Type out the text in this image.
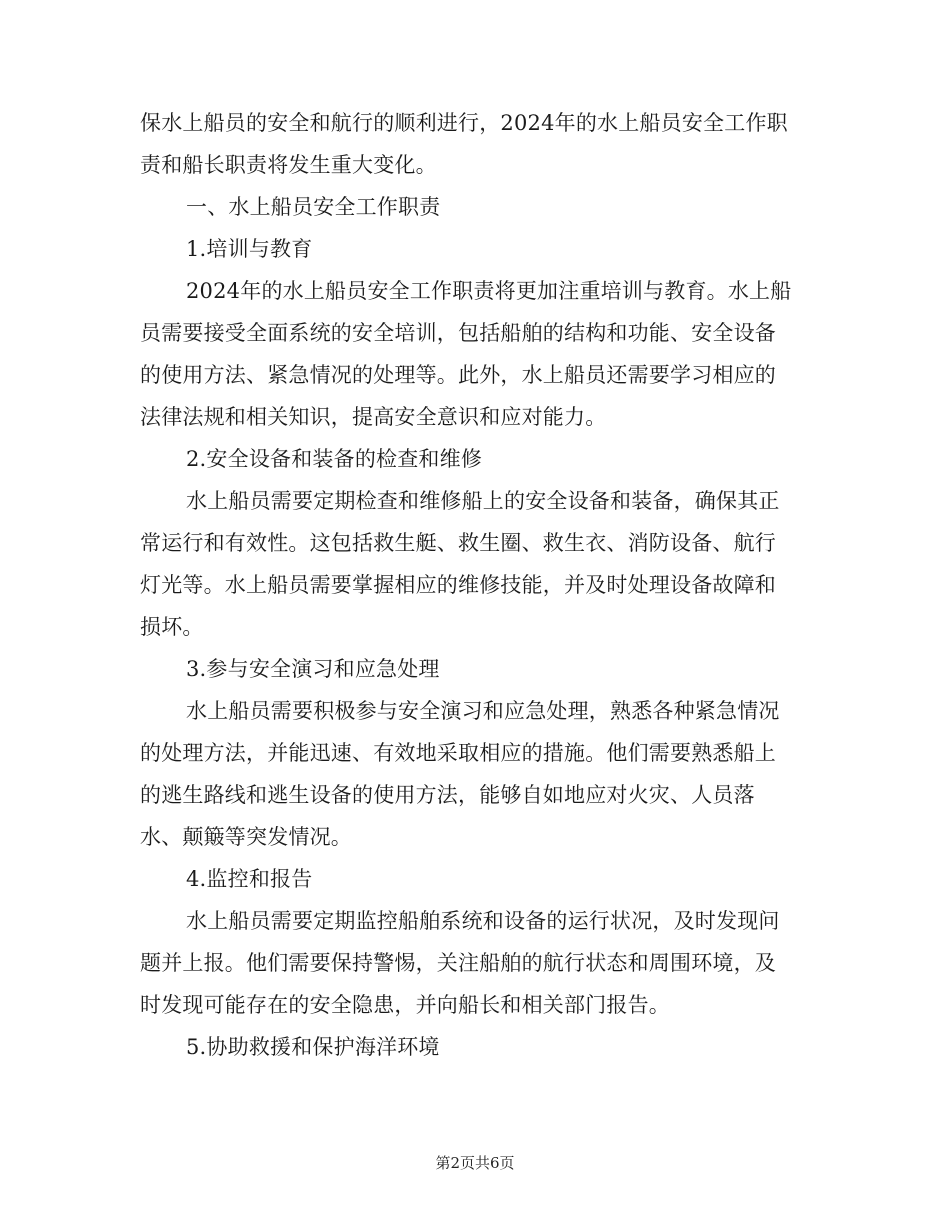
保水上船员的安全和航行的顺利进行，2024年的水上船员安全工作职
责和船长职责将发生重大变化。
一、水上船员安全工作职责
1.培训与教育
2024年的水上船员安全工作职责将更加注重培训与教育。水上船
员需要接受全面系统的安全培训，包括船舶的结构和功能、安全设备
的使用方法、紧急情况的处理等。此外，水上船员还需要学习相应的
法律法规和相关知识，提高安全意识和应对能力。
2.安全设备和装备的检查和维修
水上船员需要定期检查和维修船上的安全设备和装备，确保其正
常运行和有效性。这包括救生艇、救生圈、救生衣、消防设备、航行
灯光等。水上船员需要掌握相应的维修技能，并及时处理设备故障和
损坏。
3.参与安全演习和应急处理
水上船员需要积极参与安全演习和应急处理，熟悉各种紧急情况
的处理方法，并能迅速、有效地采取相应的措施。他们需要熟悉船上
的逃生路线和逃生设备的使用方法，能够自如地应对火灾、人员落
水、颠簸等突发情况。
4.监控和报告
水上船员需要定期监控船舶系统和设备的运行状况，及时发现问
题并上报。他们需要保持警惕，关注船舶的航行状态和周围环境，及
时发现可能存在的安全隐患，并向船长和相关部门报告。
5.协助救援和保护海洋环境
第2页共6页
